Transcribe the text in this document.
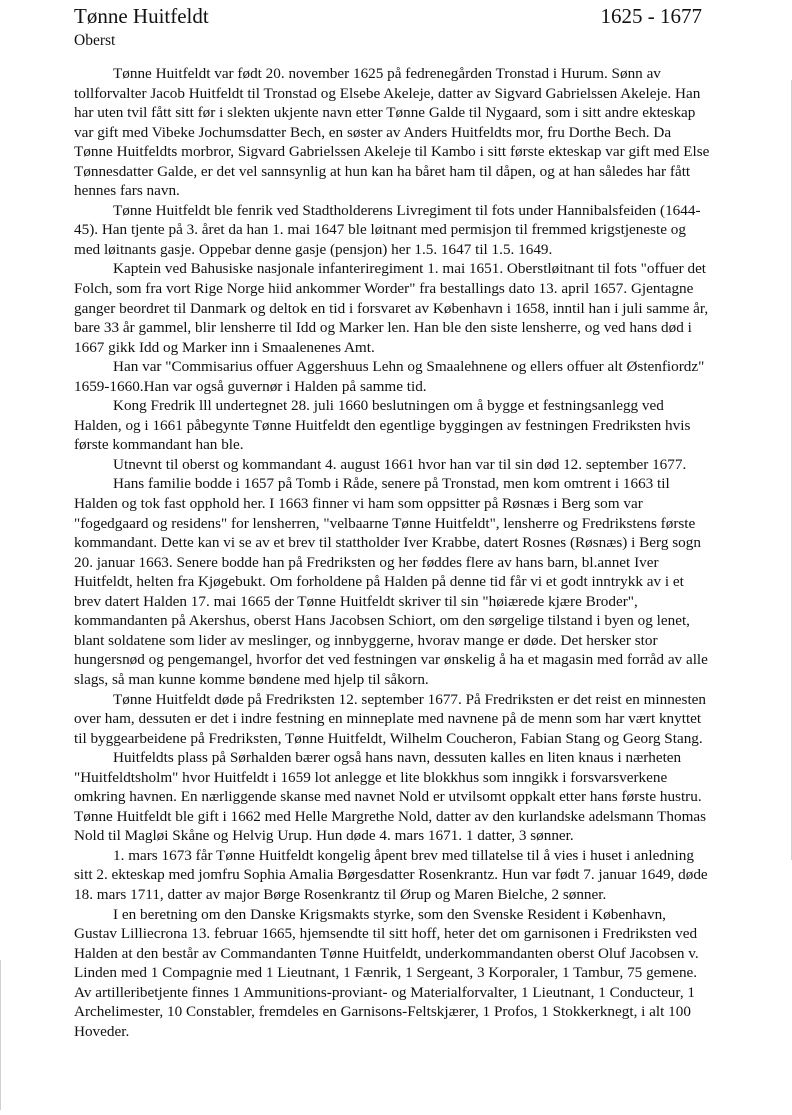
Tønne Huitfeldt	1625 - 1677
Oberst

Tønne Huitfeldt var født 20. november 1625 på fedrenegården Tronstad i Hurum. Sønn av tollforvalter Jacob Huitfeldt til Tronstad og Elsebe Akeleje, datter av Sigvard Gabrielssen Akeleje. Han har uten tvil fått sitt før i slekten ukjente navn etter Tønne Galde til Nygaard, som i sitt andre ekteskap var gift med Vibeke Jochumsdatter Bech, en søster av Anders Huitfeldts mor, fru Dorthe Bech. Da Tønne Huitfeldts morbror, Sigvard Gabrielssen Akeleje til Kambo i sitt første ekteskap var gift med Else Tønnesdatter Galde, er det vel sannsynlig at hun kan ha båret ham til dåpen, og at han således har fått hennes fars navn.

Tønne Huitfeldt ble fenrik ved Stadtholderens Livregiment til fots under Hannibalsfeiden (1644- 45). Han tjente på 3. året da han 1. mai 1647 ble løitnant med permisjon til fremmed krigstjeneste og med løitnants gasje. Oppebar denne gasje (pensjon) her 1.5. 1647 til 1.5. 1649.

Kaptein ved Bahusiske nasjonale infanteriregiment 1. mai 1651. Oberstløitnant til fots "offuer det Folch, som fra vort Rige Norge hiid ankommer Worder" fra bestallings dato 13. april 1657. Gjentagne ganger beordret til Danmark og deltok en tid i forsvaret av København i 1658, inntil han i juli samme år, bare 33 år gammel, blir lensherre til Idd og Marker len. Han ble den siste lensherre, og ved hans død i 1667 gikk Idd og Marker inn i Smaalenenes Amt.

Han var "Commisarius offuer Aggershuus Lehn og Smaalehnene og ellers offuer alt Østenfiordz" 1659-1660.Han var også guvernør i Halden på samme tid.

Kong Fredrik lll undertegnet 28. juli 1660 beslutningen om å bygge et festningsanlegg ved Halden, og i 1661 påbegynte Tønne Huitfeldt den egentlige byggingen av festningen Fredriksten hvis første kommandant han ble.

Utnevnt til oberst og kommandant 4. august 1661 hvor han var til sin død 12. september 1677.

Hans familie bodde i 1657 på Tomb i Råde, senere på Tronstad, men kom omtrent i 1663 til Halden og tok fast opphold her. I 1663 finner vi ham som oppsitter på Røsnæs i Berg som var "fogedgaard og residens" for lensherren, "velbaarne Tønne Huitfeldt", lensherre og Fredrikstens første kommandant. Dette kan vi se av et brev til stattholder Iver Krabbe, datert Rosnes (Røsnæs) i Berg sogn 20. januar 1663. Senere bodde han på Fredriksten og her føddes flere av hans barn, bl.annet Iver Huitfeldt, helten fra Kjøgebukt. Om forholdene på Halden på denne tid får vi et godt inntrykk av i et brev datert Halden 17. mai 1665 der Tønne Huitfeldt skriver til sin "høiærede kjære Broder", kommandanten på Akershus, oberst Hans Jacobsen Schiort, om den sørgelige tilstand i byen og lenet, blant soldatene som lider av meslinger, og innbyggerne, hvorav mange er døde. Det hersker stor hungersnød og pengemangel, hvorfor det ved festningen var ønskelig å ha et magasin med forråd av alle slags, så man kunne komme bøndene med hjelp til såkorn.

Tønne Huitfeldt døde på Fredriksten 12. september 1677. På Fredriksten er det reist en minnesten over ham, dessuten er det i indre festning en minneplate med navnene på de menn som har vært knyttet til byggearbeidene på Fredriksten, Tønne Huitfeldt, Wilhelm Coucheron, Fabian Stang og Georg Stang.

Huitfeldts plass på Sørhalden bærer også hans navn, dessuten kalles en liten knaus i nærheten "Huitfeldtsholm" hvor Huitfeldt i 1659 lot anlegge et lite blokkhus som inngikk i forsvarsverkene omkring havnen. En nærliggende skanse med navnet Nold er utvilsomt oppkalt etter hans første hustru. Tønne Huitfeldt ble gift i 1662 med Helle Margrethe Nold, datter av den kurlandske adelsmann Thomas Nold til Magløi Skåne og Helvig Urup. Hun døde 4. mars 1671. 1 datter, 3 sønner.

1. mars 1673 får Tønne Huitfeldt kongelig åpent brev med tillatelse til å vies i huset i anledning sitt 2. ekteskap med jomfru Sophia Amalia Børgesdatter Rosenkrantz. Hun var født 7. januar 1649, døde 18. mars 1711, datter av major Børge Rosenkrantz til Ørup og Maren Bielche, 2 sønner.

I en beretning om den Danske Krigsmakts styrke, som den Svenske Resident i København, Gustav Lilliecrona 13. februar 1665, hjemsendte til sitt hoff, heter det om garnisonen i Fredriksten ved Halden at den består av Commandanten Tønne Huitfeldt, underkommandanten oberst Oluf Jacobsen v. Linden med 1 Compagnie med 1 Lieutnant, 1 Fænrik, 1 Sergeant, 3 Korporaler, 1 Tambur, 75 gemene. Av artilleribetjente finnes 1 Ammunitions-proviant- og Materialforvalter, 1 Lieutnant, 1 Conducteur, 1 Archelimester, 10 Constabler, fremdeles en Garnisons-Feltskjærer, 1 Profos, 1 Stokkerknegt, i alt 100 Hoveder.
